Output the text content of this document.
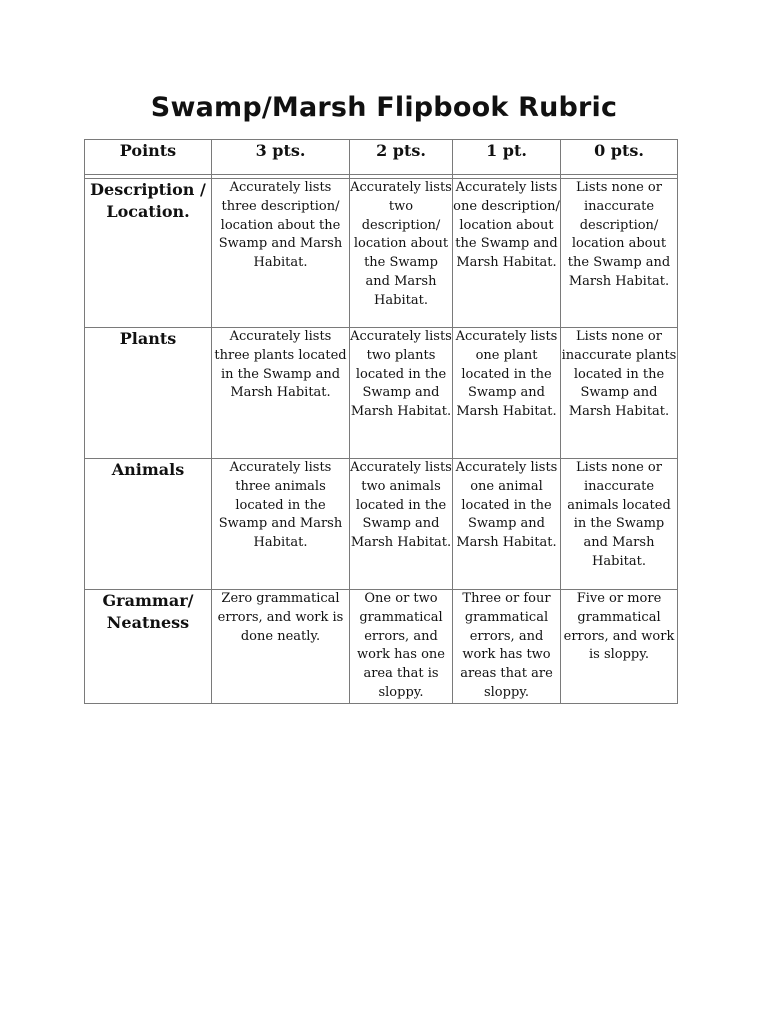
Swamp/Marsh Flipbook Rubric
Points	3 pts.	2 pts.	1 pt.	0 pts.

Description / Location.	Accurately lists three description/ location about the Swamp and Marsh Habitat.	Accurately lists two description/ location about the Swamp and Marsh Habitat.	Accurately lists one description/ location about the Swamp and Marsh Habitat.	Lists none or inaccurate description/ location about the Swamp and Marsh Habitat.
Plants	Accurately lists three plants located in the Swamp and Marsh Habitat.	Accurately lists two plants located in the Swamp and Marsh Habitat.	Accurately lists one plant located in the Swamp and Marsh Habitat.	Lists none or inaccurate plants located in the Swamp and Marsh Habitat.
Animals	Accurately lists three animals located in the Swamp and Marsh Habitat.	Accurately lists two animals located in the Swamp and Marsh Habitat.	Accurately lists one animal located in the Swamp and Marsh Habitat.	Lists none or inaccurate animals located in the Swamp and Marsh Habitat.
Grammar/ Neatness	Zero grammatical errors, and work is done neatly.	One or two grammatical errors, and work has one area that is sloppy.	Three or four grammatical errors, and work has two areas that are sloppy.	Five or more grammatical errors, and work is sloppy.
